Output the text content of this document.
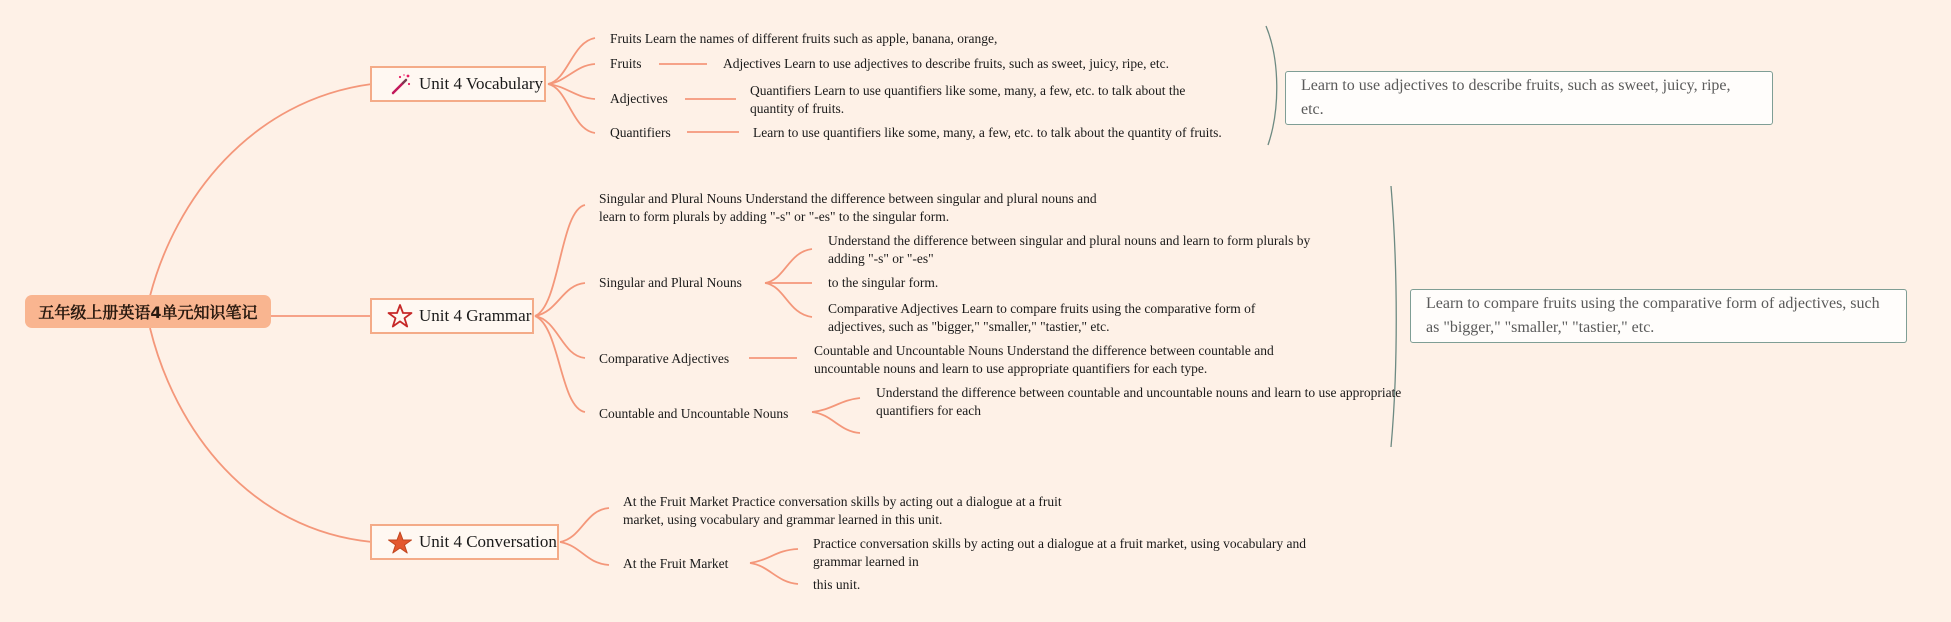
五年级上册英语4单元知识笔记
Unit 4 Vocabulary
Fruits Learn the names of different fruits such as apple, banana, orange,
Fruits	Adjectives Learn to use adjectives to describe fruits, such as sweet, juicy, ripe, etc.
Adjectives
Quantifiers Learn to use quantifiers like some, many, a few, etc. to talk about the quantity of fruits.
Quantifiers	Learn to use quantifiers like some, many, a few, etc. to talk about the quantity of fruits.
Learn to use adjectives to describe fruits, such as sweet, juicy, ripe, etc.
Unit 4 Grammar
Singular and Plural Nouns Understand the difference between singular and plural nouns and learn to form plurals by adding "-s" or "-es" to the singular form.
Singular and Plural Nouns
Understand the difference between singular and plural nouns and learn to form plurals by adding "-s" or "-es"
to the singular form.
Comparative Adjectives Learn to compare fruits using the comparative form of adjectives, such as "bigger," "smaller," "tastier," etc.
Comparative Adjectives
Countable and Uncountable Nouns Understand the difference between countable and uncountable nouns and learn to use appropriate quantifiers for each type.
Countable and Uncountable Nouns
Understand the difference between countable and uncountable nouns and learn to use appropriate quantifiers for each
Learn to compare fruits using the comparative form of adjectives, such as "bigger," "smaller," "tastier," etc.
Unit 4 Conversation
At the Fruit Market Practice conversation skills by acting out a dialogue at a fruit market, using vocabulary and grammar learned in this unit.
At the Fruit Market
Practice conversation skills by acting out a dialogue at a fruit market, using vocabulary and grammar learned in
this unit.
